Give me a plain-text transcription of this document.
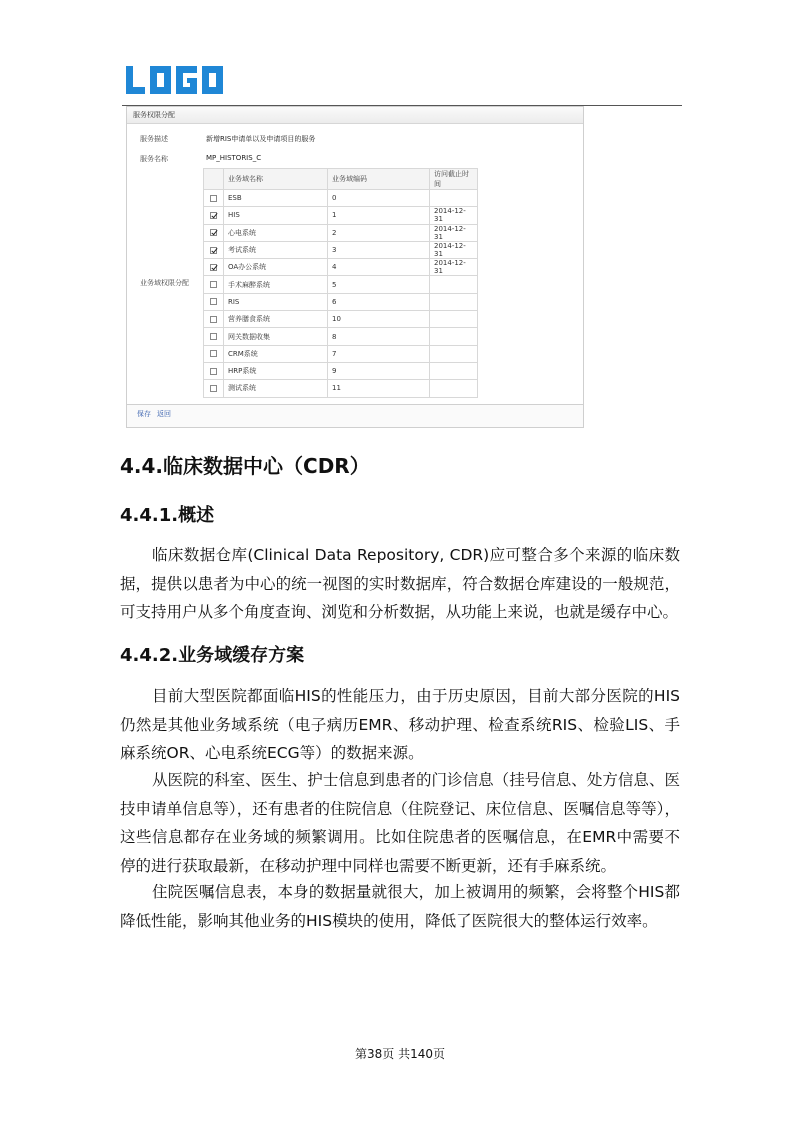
服务权限分配
服务描述	新增RIS申请单以及申请项目的服务
服务名称	MP_HISTORIS_C
业务域权限分配
	业务域名称	业务域编码	访问截止时间
	ESB	0	
	HIS	1	2014-12-31
	心电系统	2	2014-12-31
	考试系统	3	2014-12-31
	OA办公系统	4	2014-12-31
	手术麻醉系统	5	
	RIS	6	
	营养膳食系统	10	
	网关数据收集	8	
	CRM系统	7	
	HRP系统	9	
	测试系统	11	
保存 返回
4.4.临床数据中心（CDR）
4.4.1.概述

临床数据仓库(Clinical Data Repository, CDR)应可整合多个来源的临床数据，提供以患者为中心的统一视图的实时数据库，符合数据仓库建设的一般规范，可支持用户从多个角度查询、浏览和分析数据，从功能上来说，也就是缓存中心。

4.4.2.业务域缓存方案

目前大型医院都面临HIS的性能压力，由于历史原因，目前大部分医院的HIS仍然是其他业务域系统（电子病历EMR、移动护理、检查系统RIS、检验LIS、手麻系统OR、心电系统ECG等）的数据来源。

从医院的科室、医生、护士信息到患者的门诊信息（挂号信息、处方信息、医技申请单信息等），还有患者的住院信息（住院登记、床位信息、医嘱信息等等），这些信息都存在业务域的频繁调用。比如住院患者的医嘱信息，在EMR中需要不停的进行获取最新，在移动护理中同样也需要不断更新，还有手麻系统。

住院医嘱信息表，本身的数据量就很大，加上被调用的频繁，会将整个HIS都降低性能，影响其他业务的HIS模块的使用，降低了医院很大的整体运行效率。

第38页 共140页
